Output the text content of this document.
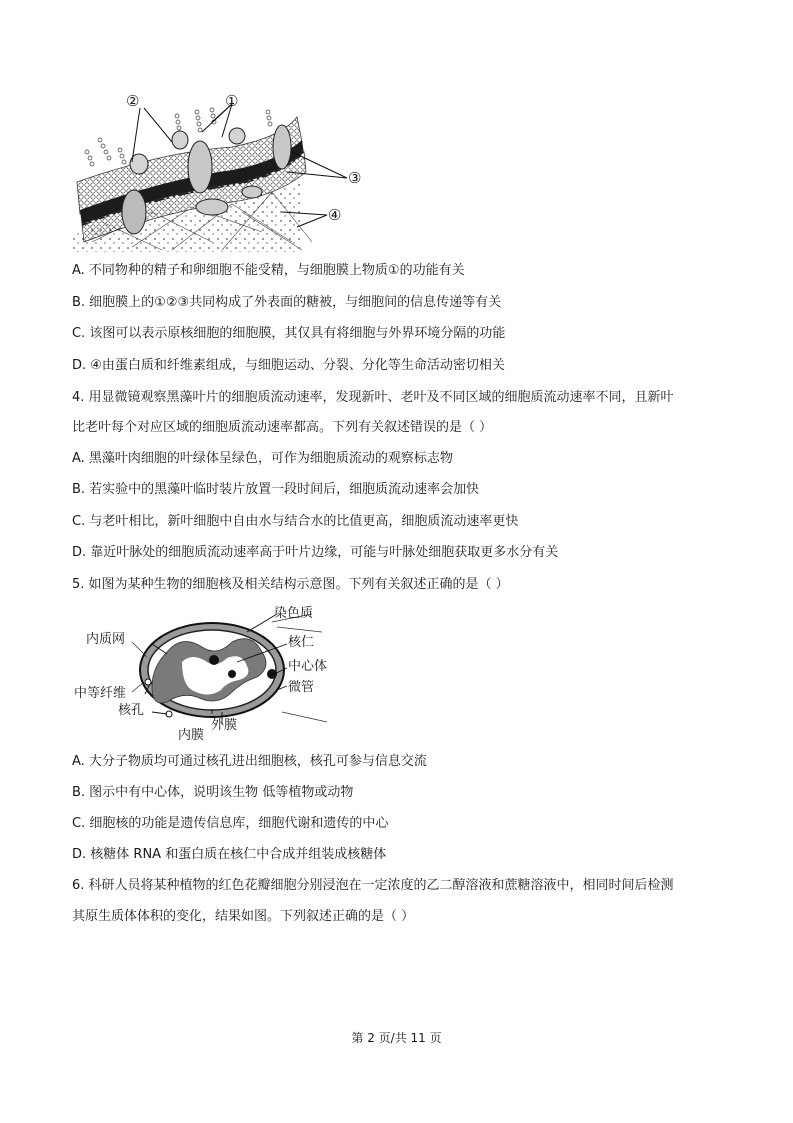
②	①
③
④
A. 不同物种的精子和卵细胞不能受精，与细胞膜上物质①的功能有关
B. 细胞膜上的①②③共同构成了外表面的糖被，与细胞间的信息传递等有关
C. 该图可以表示原核细胞的细胞膜，其仅具有将细胞与外界环境分隔的功能
D. ④由蛋白质和纤维素组成，与细胞运动、分裂、分化等生命活动密切相关
4. 用显微镜观察黑藻叶片的细胞质流动速率，发现新叶、老叶及不同区域的细胞质流动速率不同，且新叶
比老叶每个对应区域的细胞质流动速率都高。下列有关叙述错误的是（ ）
A. 黑藻叶肉细胞的叶绿体呈绿色，可作为细胞质流动的观察标志物
B. 若实验中的黑藻叶临时装片放置一段时间后，细胞质流动速率会加快
C. 与老叶相比，新叶细胞中自由水与结合水的比值更高，细胞质流动速率更快
D. 靠近叶脉处的细胞质流动速率高于叶片边缘，可能与叶脉处细胞获取更多水分有关
5. 如图为某种生物的细胞核及相关结构示意图。下列有关叙述正确的是（ ）
染色质
内质网	核仁
中心体
微管
中等纤维
核孔
外膜
内膜
A. 大分子物质均可通过核孔进出细胞核，核孔可参与信息交流
B. 图示中有中心体，说明该生物 低等植物或动物
C. 细胞核的功能是遗传信息库，细胞代谢和遗传的中心
D. 核糖体 RNA 和蛋白质在核仁中合成并组装成核糖体
6. 科研人员将某种植物的红色花瓣细胞分别浸泡在一定浓度的乙二醇溶液和蔗糖溶液中，相同时间后检测
其原生质体体积的变化，结果如图。下列叙述正确的是（ ）
第 2 页/共 11 页
